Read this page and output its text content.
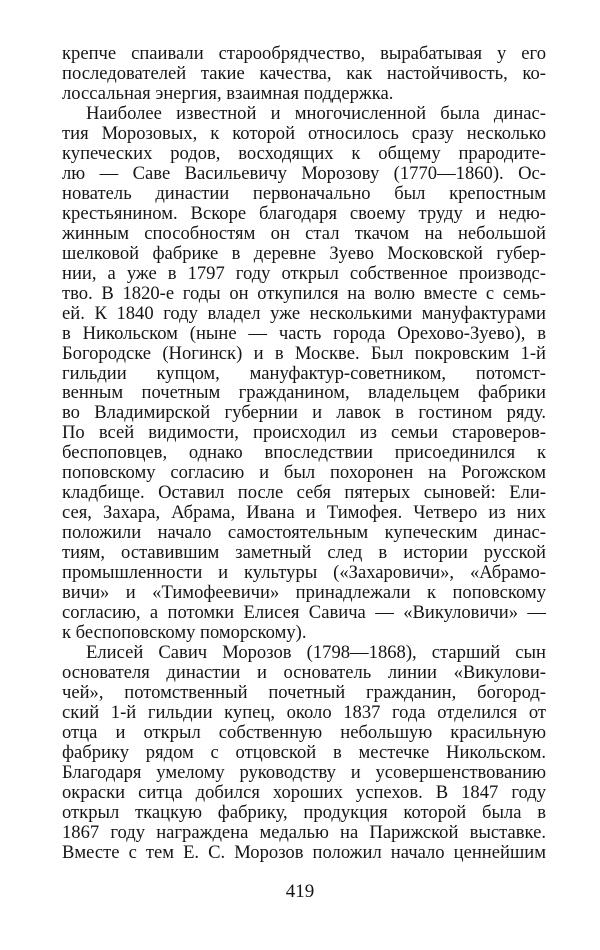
крепче спаивали старообрядчество, вырабатывая у его
последователей такие качества, как настойчивость, ко-
лоссальная энергия, взаимная поддержка.
Наиболее известной и многочисленной была динас-
тия Морозовых, к которой относилось сразу несколько
купеческих родов, восходящих к общему прародите-
лю — Саве Васильевичу Морозову (1770—1860). Ос-
нователь династии первоначально был крепостным
крестьянином. Вскоре благодаря своему труду и недю-
жинным способностям он стал ткачом на небольшой
шелковой фабрике в деревне Зуево Московской губер-
нии, а уже в 1797 году открыл собственное производс-
тво. В 1820-е годы он откупился на волю вместе с семь-
ей. К 1840 году владел уже несколькими мануфактурами
в Никольском (ныне — часть города Орехово-Зуево), в
Богородске (Ногинск) и в Москве. Был покровским 1-й
гильдии купцом, мануфактур-советником, потомст-
венным почетным гражданином, владельцем фабрики
во Владимирской губернии и лавок в гостином ряду.
По всей видимости, происходил из семьи староверов-
беспоповцев, однако впоследствии присоединился к
поповскому согласию и был похоронен на Рогожском
кладбище. Оставил после себя пятерых сыновей: Ели-
сея, Захара, Абрама, Ивана и Тимофея. Четверо из них
положили начало самостоятельным купеческим динас-
тиям, оставившим заметный след в истории русской
промышленности и культуры («Захаровичи», «Абрамо-
вичи» и «Тимофеевичи» принадлежали к поповскому
согласию, а потомки Елисея Савича — «Викуловичи» —
к беспоповскому поморскому).
Елисей Савич Морозов (1798—1868), старший сын
основателя династии и основатель линии «Викулови-
чей», потомственный почетный гражданин, богород-
ский 1-й гильдии купец, около 1837 года отделился от
отца и открыл собственную небольшую красильную
фабрику рядом с отцовской в местечке Никольском.
Благодаря умелому руководству и усовершенствованию
окраски ситца добился хороших успехов. В 1847 году
открыл ткацкую фабрику, продукция которой была в
1867 году награждена медалью на Парижской выставке.
Вместе с тем Е. С. Морозов положил начало ценнейшим
419
